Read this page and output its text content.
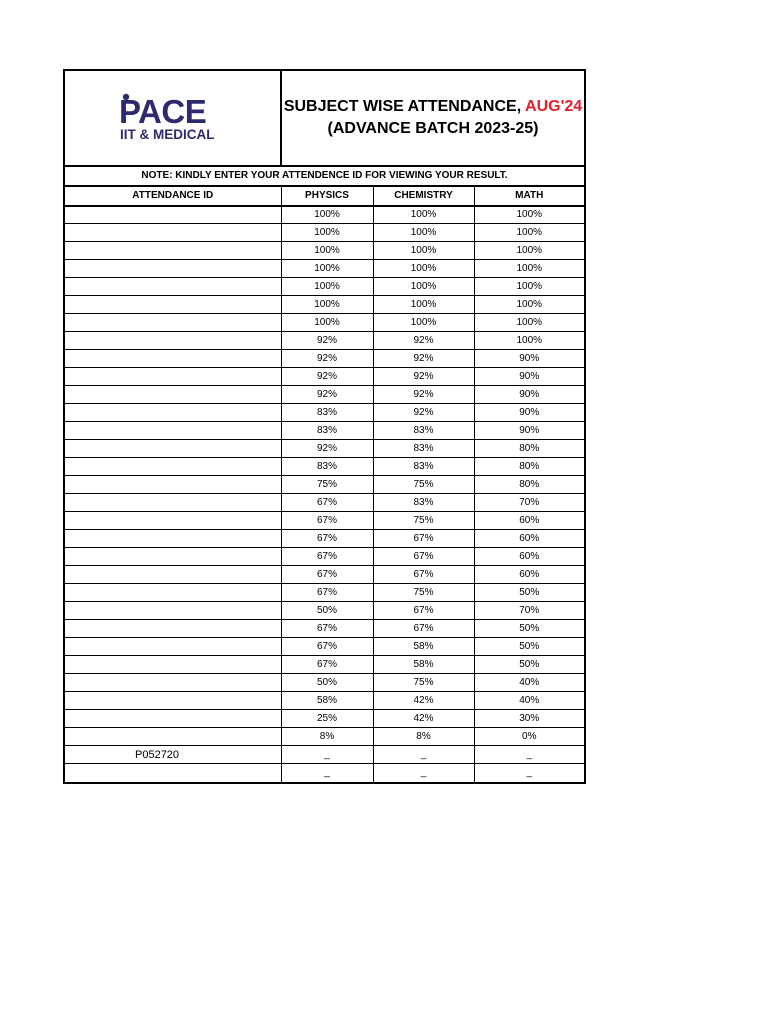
PACE
IIT & MEDICAL
SUBJECT WISE ATTENDANCE, AUG'24
(ADVANCE BATCH 2023-25)
NOTE: KINDLY ENTER YOUR ATTENDENCE ID FOR VIEWING YOUR RESULT.
ATTENDANCE ID	PHYSICS	CHEMISTRY	MATH
	100%	100%	100%
	100%	100%	100%
	100%	100%	100%
	100%	100%	100%
	100%	100%	100%
	100%	100%	100%
	100%	100%	100%
	92%	92%	100%
	92%	92%	90%
	92%	92%	90%
	92%	92%	90%
	83%	92%	90%
	83%	83%	90%
	92%	83%	80%
	83%	83%	80%
	75%	75%	80%
	67%	83%	70%
	67%	75%	60%
	67%	67%	60%
	67%	67%	60%
	67%	67%	60%
	67%	75%	50%
	50%	67%	70%
	67%	67%	50%
	67%	58%	50%
	67%	58%	50%
	50%	75%	40%
	58%	42%	40%
	25%	42%	30%
	8%	8%	0%
P052720	_	_	_
	_	_	_
